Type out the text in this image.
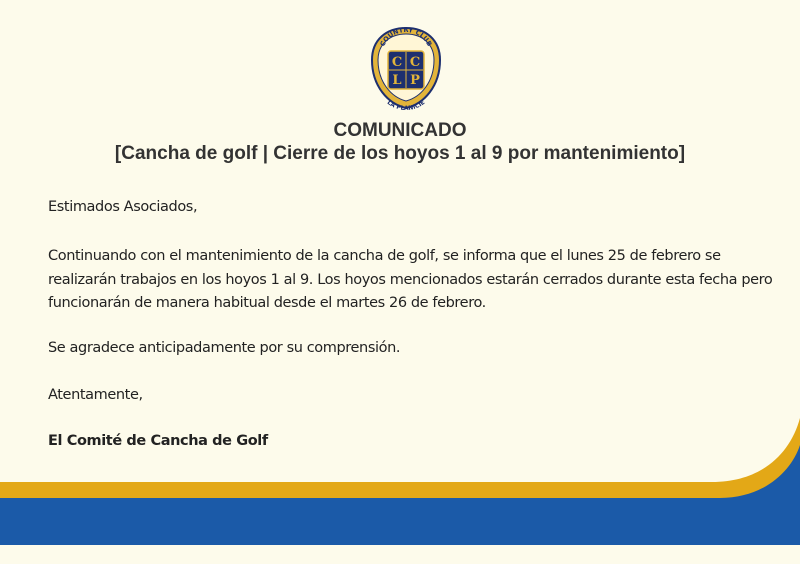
COUNTRY CLUB
C C
L P
LA PLANICIE
COMUNICADO
[Cancha de golf | Cierre de los hoyos 1 al 9 por mantenimiento]

Estimados Asociados,

Continuando con el mantenimiento de la cancha de golf, se informa que el lunes 25 de febrero se realizarán trabajos en los hoyos 1 al 9. Los hoyos mencionados estarán cerrados durante esta fecha pero funcionarán de manera habitual desde el martes 26 de febrero.

Se agradece anticipadamente por su comprensión.

Atentamente,

El Comité de Cancha de Golf
